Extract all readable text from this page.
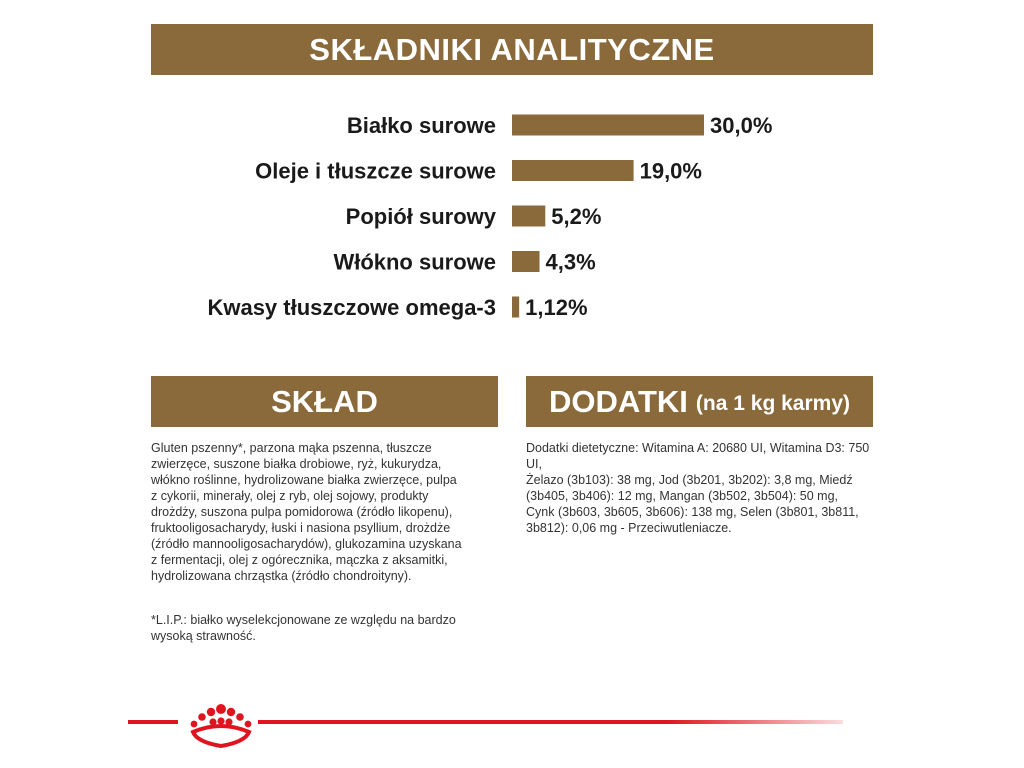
SKŁADNIKI ANALITYCZNE
Białko surowe	30,0%
Oleje i tłuszcze surowe	19,0%
Popiół surowy	5,2%
Włókno surowe 4,3%
Kwasy tłuszczowe omega-3 1,12%
SKŁAD	DODATKI (na 1 kg karmy)
Gluten pszenny*, parzona mąka pszenna, tłuszcze
zwierzęce, suszone białka drobiowe, ryż, kukurydza,
włókno roślinne, hydrolizowane białka zwierzęce, pulpa
z cykorii, minerały, olej z ryb, olej sojowy, produkty
drożdży, suszona pulpa pomidorowa (źródło likopenu),
fruktooligosacharydy, łuski i nasiona psyllium, drożdże
(źródło mannooligosacharydów), glukozamina uzyskana
z fermentacji, olej z ogórecznika, mączka z aksamitki,
hydrolizowana chrząstka (źródło chondroityny).
*L.I.P.: białko wyselekcjonowane ze względu na bardzo
wysoką strawność.
Dodatki dietetyczne: Witamina A: 20680 UI, Witamina D3: 750 UI,
Żelazo (3b103): 38 mg, Jod (3b201, 3b202): 3,8 mg, Miedź
(3b405, 3b406): 12 mg, Mangan (3b502, 3b504): 50 mg,
Cynk (3b603, 3b605, 3b606): 138 mg, Selen (3b801, 3b811,
3b812): 0,06 mg - Przeciwutleniacze.
